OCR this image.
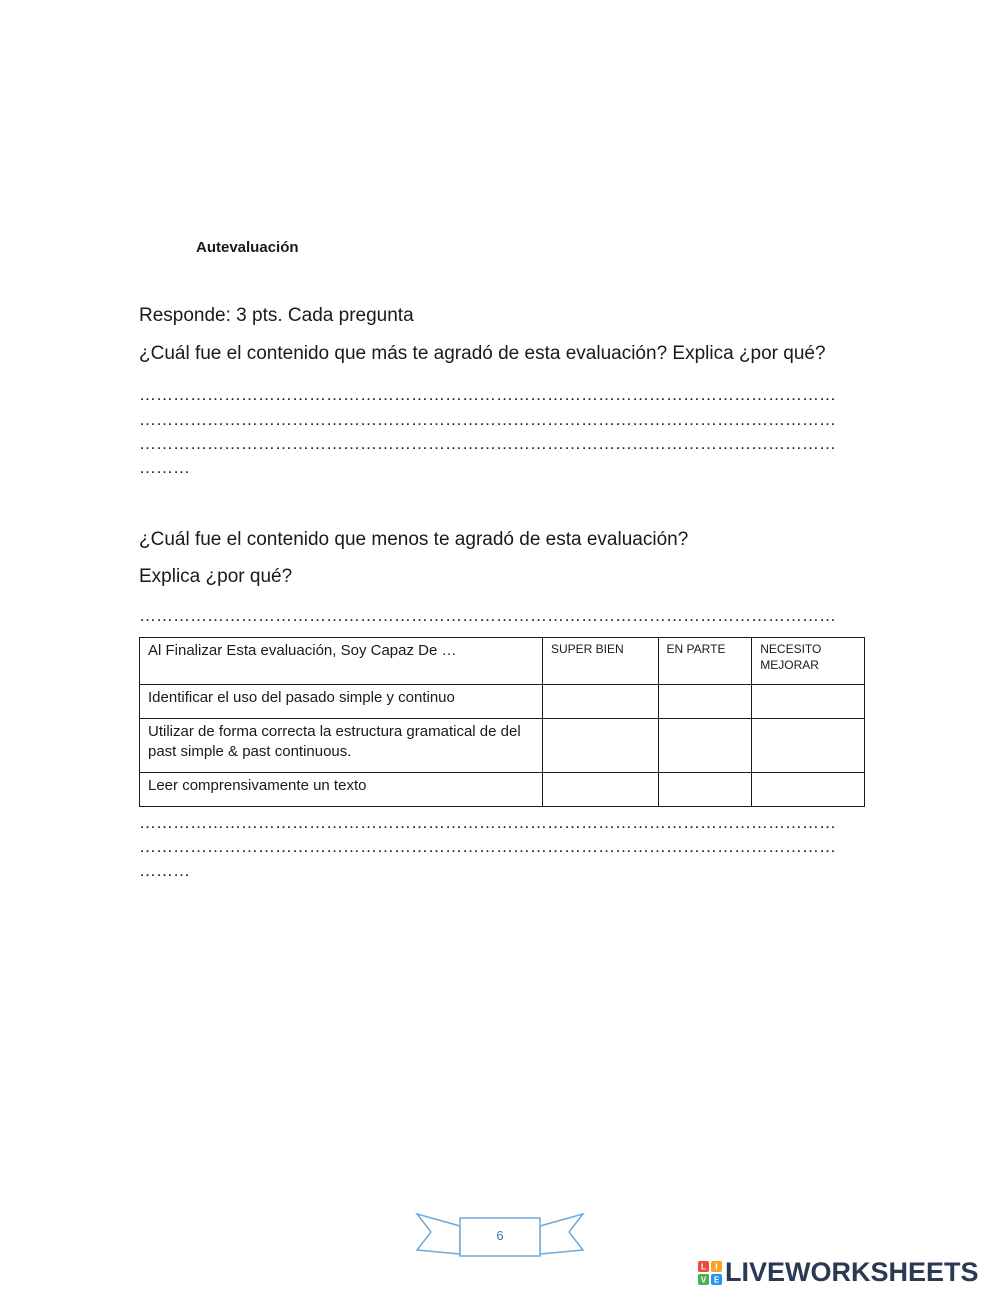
Autevaluación
Responde: 3 pts. Cada pregunta
¿Cuál fue el contenido que más te agradó de esta evaluación? Explica ¿por qué?
……………………………………………………………………………………………………………
……………………………………………………………………………………………………………
……………………………………………………………………………………………………………
………
¿Cuál fue el contenido que menos te agradó de esta evaluación?
Explica ¿por qué?
……………………………………………………………………………………………………………
Al Finalizar Esta evaluación, Soy Capaz De …	SUPER BIEN	EN PARTE	NECESITO MEJORAR
Identificar el uso del pasado simple y continuo			
Utilizar de forma correcta la estructura gramatical de del past simple & past continuous.			
Leer comprensivamente un texto			
……………………………………………………………………………………………………………
……………………………………………………………………………………………………………
………
6
L I
V E LIVEWORKSHEETS
